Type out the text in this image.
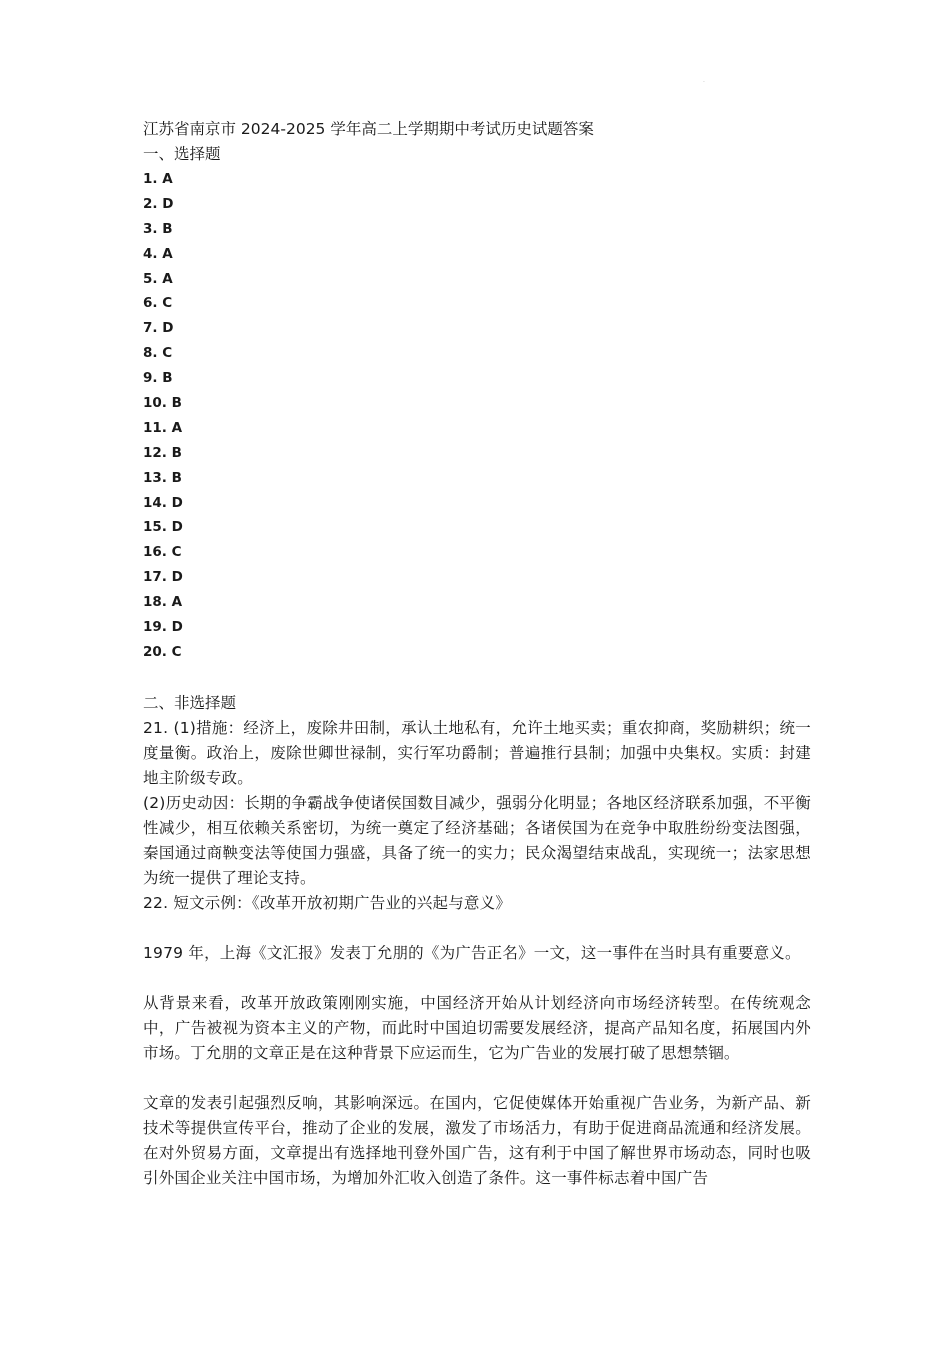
.

江苏省南京市 2024-2025 学年高二上学期期中考试历史试题答案

一、选择题

1. A
2. D
3. B
4. A
5. A
6. C
7. D
8. C
9. B
10. B
11. A
12. B
13. B
14. D
15. D
16. C
17. D
18. A
19. D
20. C

二、非选择题

21. (1)措施：经济上，废除井田制，承认土地私有，允许土地买卖；重农抑商，奖励耕织；统一度量衡。政治上，废除世卿世禄制，实行军功爵制；普遍推行县制；加强中央集权。实质：封建地主阶级专政。

(2)历史动因：长期的争霸战争使诸侯国数目减少，强弱分化明显；各地区经济联系加强，不平衡性减少，相互依赖关系密切，为统一奠定了经济基础；各诸侯国为在竞争中取胜纷纷变法图强，秦国通过商鞅变法等使国力强盛，具备了统一的实力；民众渴望结束战乱，实现统一；法家思想为统一提供了理论支持。

22. 短文示例：《改革开放初期广告业的兴起与意义》

1979 年，上海《文汇报》发表丁允朋的《为广告正名》一文，这一事件在当时具有重要意义。

从背景来看，改革开放政策刚刚实施，中国经济开始从计划经济向市场经济转型。在传统观念中，广告被视为资本主义的产物，而此时中国迫切需要发展经济，提高产品知名度，拓展国内外市场。丁允朋的文章正是在这种背景下应运而生，它为广告业的发展打破了思想禁锢。

文章的发表引起强烈反响，其影响深远。在国内，它促使媒体开始重视广告业务，为新产品、新技术等提供宣传平台，推动了企业的发展，激发了市场活力，有助于促进商品流通和经济发展。在对外贸易方面，文章提出有选择地刊登外国广告，这有利于中国了解世界市场动态，同时也吸引外国企业关注中国市场，为增加外汇收入创造了条件。这一事件标志着中国广告
